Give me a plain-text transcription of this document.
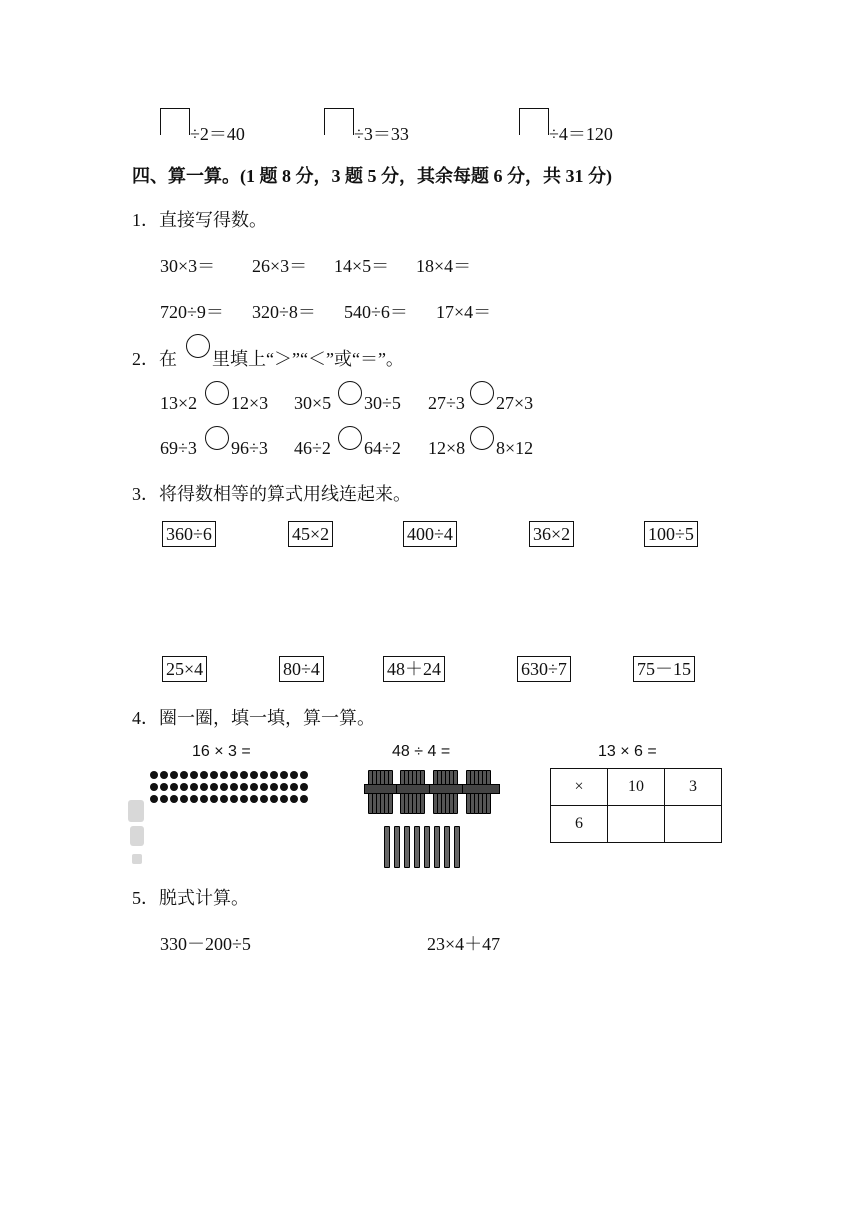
÷2＝40	÷3＝33	÷4＝120
四、算一算。(1 题 8 分，3 题 5 分，其余每题 6 分，共 31 分)
1．直接写得数。
30×3＝ 26×3＝ 14×5＝ 18×4＝
720÷9＝ 320÷8＝ 540÷6＝ 17×4＝
2．在 里填上“＞”“＜”或“＝”。
13×2 12×3 30×5 30÷5 27÷3 27×3
69÷3 96÷3 46÷2 64÷2 12×8 8×12
3．将得数相等的算式用线连起来。
360÷6	45×2	400÷4	36×2	100÷5
25×4	80÷4	48＋24	630÷7	75－15
4．圈一圈，填一填，算一算。
16 × 3 =	48 ÷ 4 =	13 × 6 =
×	10	3
6		
5．脱式计算。
330－200÷5	23×4＋47
